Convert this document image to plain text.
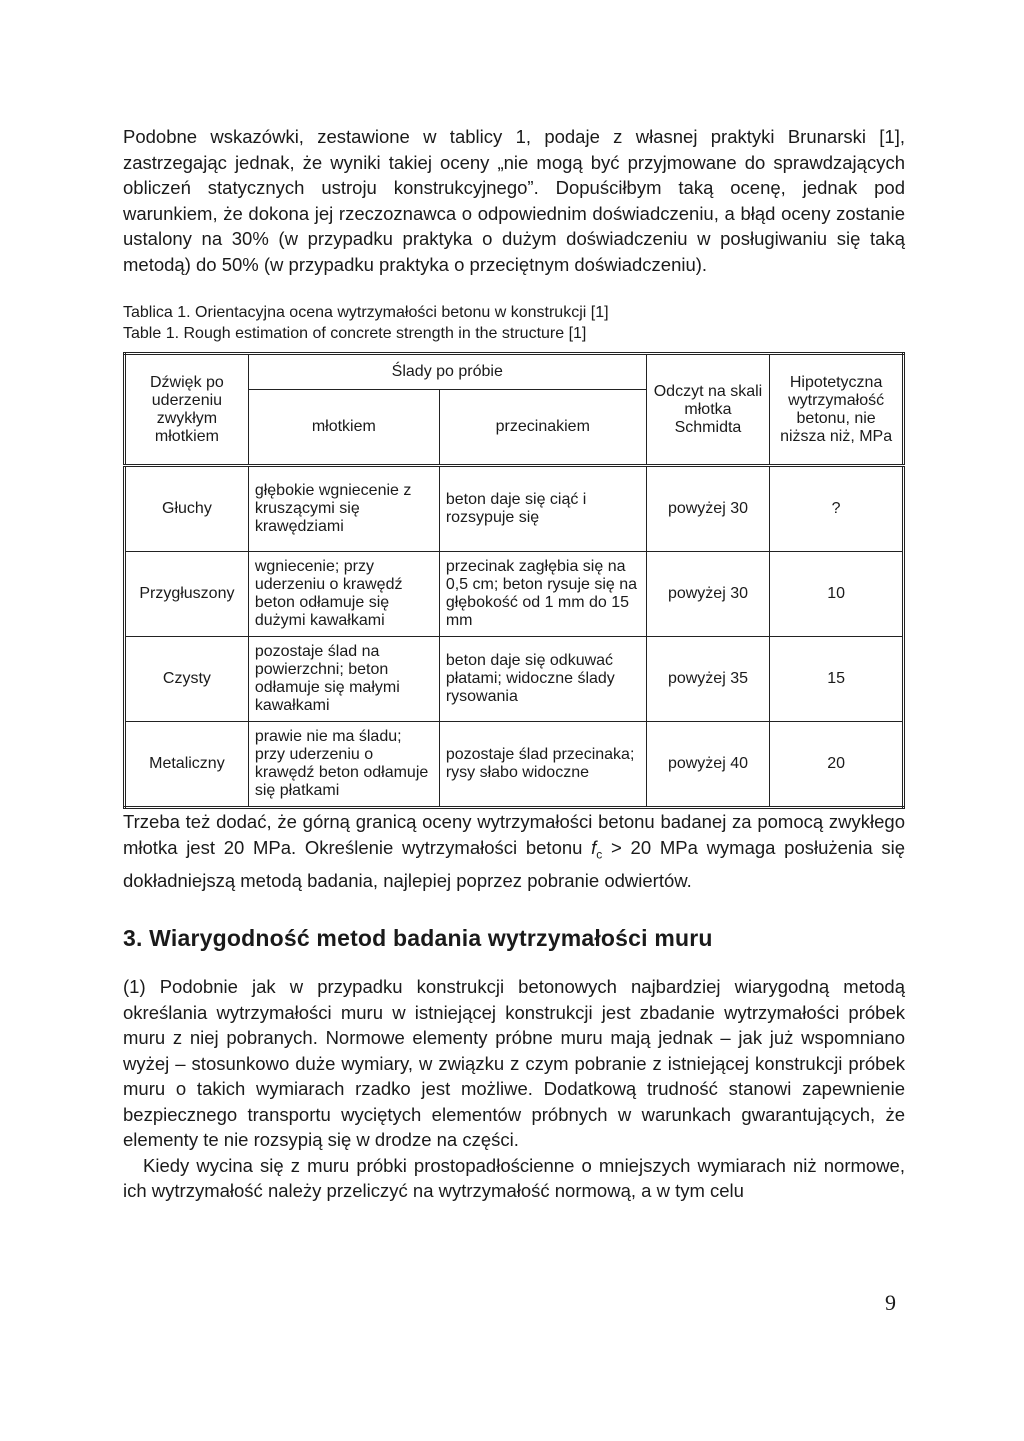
Podobne wskazówki, zestawione w tablicy 1, podaje z własnej praktyki Brunarski [1], zastrzegając jednak, że wyniki takiej oceny „nie mogą być przyjmowane do sprawdzających obliczeń statycznych ustroju konstrukcyjnego”. Dopuściłbym taką ocenę, jednak pod warunkiem, że dokona jej rzeczoznawca o odpowiednim doświadczeniu, a błąd oceny zostanie ustalony na 30% (w przypadku praktyka o dużym doświadczeniu w posługiwaniu się taką metodą) do 50% (w przypadku praktyka o przeciętnym doświadczeniu).

Tablica 1. Orientacyjna ocena wytrzymałości betonu w konstrukcji [1]
Table 1. Rough estimation of concrete strength in the structure [1]
Dźwięk po uderzeniu zwykłym młotkiem	Ślady po próbie		Odczyt na skali młotka Schmidta	Hipotetyczna wytrzymałość betonu, nie niższa niż, MPa
	młotkiem	przecinakiem		
Głuchy	głębokie wgniecenie z kruszącymi się krawędziami	beton daje się ciąć i rozsypuje się	powyżej 30	?
Przygłuszony	wgniecenie; przy uderzeniu o krawędź beton odłamuje się dużymi kawałkami	przecinak zagłębia się na 0,5 cm; beton rysuje się na głębokość od 1 mm do 15 mm	powyżej 30	10
Czysty	pozostaje ślad na powierzchni; beton odłamuje się małymi kawałkami	beton daje się odkuwać płatami; widoczne ślady rysowania	powyżej 35	15
Metaliczny	prawie nie ma śladu; przy uderzeniu o krawędź beton odłamuje się płatkami	pozostaje ślad przecinaka; rysy słabo widoczne	powyżej 40	20

Trzeba też dodać, że górną granicą oceny wytrzymałości betonu badanej za pomocą zwykłego młotka jest 20 MPa. Określenie wytrzymałości betonu $f_c > 20$ MPa wymaga posłużenia się dokładniejszą metodą badania, najlepiej poprzez pobranie odwiertów.

3. Wiarygodność metod badania wytrzymałości muru

(1) Podobnie jak w przypadku konstrukcji betonowych najbardziej wiarygodną metodą określania wytrzymałości muru w istniejącej konstrukcji jest zbadanie wytrzymałości próbek muru z niej pobranych. Normowe elementy próbne muru mają jednak – jak już wspomniano wyżej – stosunkowo duże wymiary, w związku z czym pobranie z istniejącej konstrukcji próbek muru o takich wymiarach rzadko jest możliwe. Dodatkową trudność stanowi zapewnienie bezpiecznego transportu wyciętych elementów próbnych w warunkach gwarantujących, że elementy te nie rozsypią się w drodze na części.

Kiedy wycina się z muru próbki prostopadłościenne o mniejszych wymiarach niż normowe, ich wytrzymałość należy przeliczyć na wytrzymałość normową, a w tym celu

9
